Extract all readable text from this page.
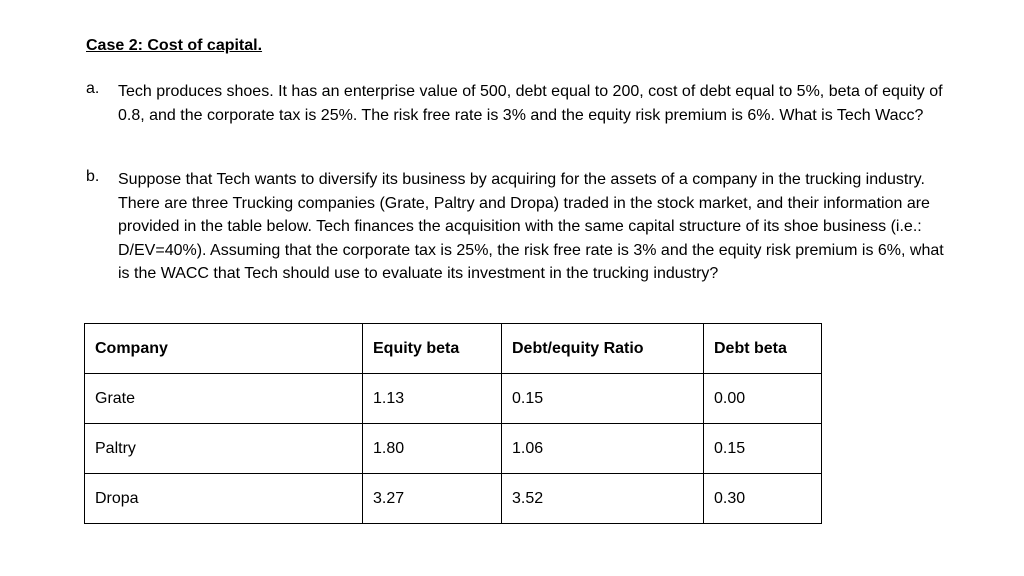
Case 2: Cost of capital.
a. Tech produces shoes. It has an enterprise value of 500, debt equal to 200, cost of debt equal to 5%, beta of equity of 0.8, and the corporate tax is 25%. The risk free rate is 3% and the equity risk premium is 6%. What is Tech Wacc?

b. Suppose that Tech wants to diversify its business by acquiring for the assets of a company in the trucking industry. There are three Trucking companies (Grate, Paltry and Dropa) traded in the stock market, and their information are provided in the table below. Tech finances the acquisition with the same capital structure of its shoe business (i.e.: D/EV=40%). Assuming that the corporate tax is 25%, the risk free rate is 3% and the equity risk premium is 6%, what is the WACC that Tech should use to evaluate its investment in the trucking industry?

Company	Equity beta	Debt/equity Ratio	Debt beta
Grate	1.13	0.15	0.00
Paltry	1.80	1.06	0.15
Dropa	3.27	3.52	0.30
